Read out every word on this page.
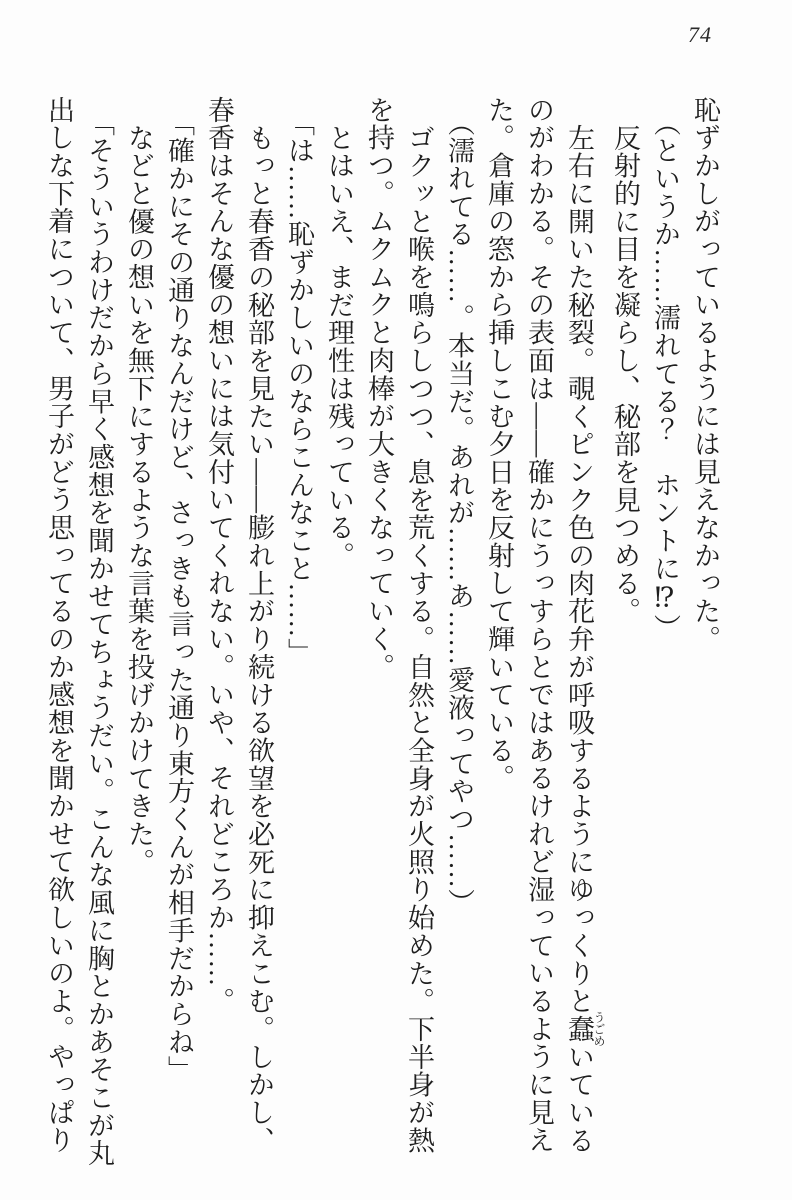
74
恥ずかしがっているようには見えなかった。
（というか……濡れてる？　ホントに⁉）
反射的に目を凝らし、秘部を見つめる。
左右に開いた秘裂。覗くピンク色の肉花弁が呼吸するようにゆっくりと蠢うごめいている
のがわかる。その表面は――確かにうっすらとではあるけれど湿っているように見え
た。倉庫の窓から挿しこむ夕日を反射して輝いている。
（濡れてる……。本当だ。あれが……あ……愛液ってやつ……）
ゴクッと喉を鳴らしつつ、息を荒くする。自然と全身が火照り始めた。下半身が熱
を持つ。ムクムクと肉棒が大きくなっていく。
とはいえ、まだ理性は残っている。
「は……恥ずかしいのならこんなこと……」
もっと春香の秘部を見たい――膨れ上がり続ける欲望を必死に抑えこむ。しかし、
春香はそんな優の想いには気付いてくれない。いや、それどころか……。
「確かにその通りなんだけど、さっきも言った通り東方くんが相手だからね」
などと優の想いを無下にするような言葉を投げかけてきた。
「そういうわけだから早く感想を聞かせてちょうだい。こんな風に胸とかあそこが丸
出しな下着について、男子がどう思ってるのか感想を聞かせて欲しいのよ。やっぱり
